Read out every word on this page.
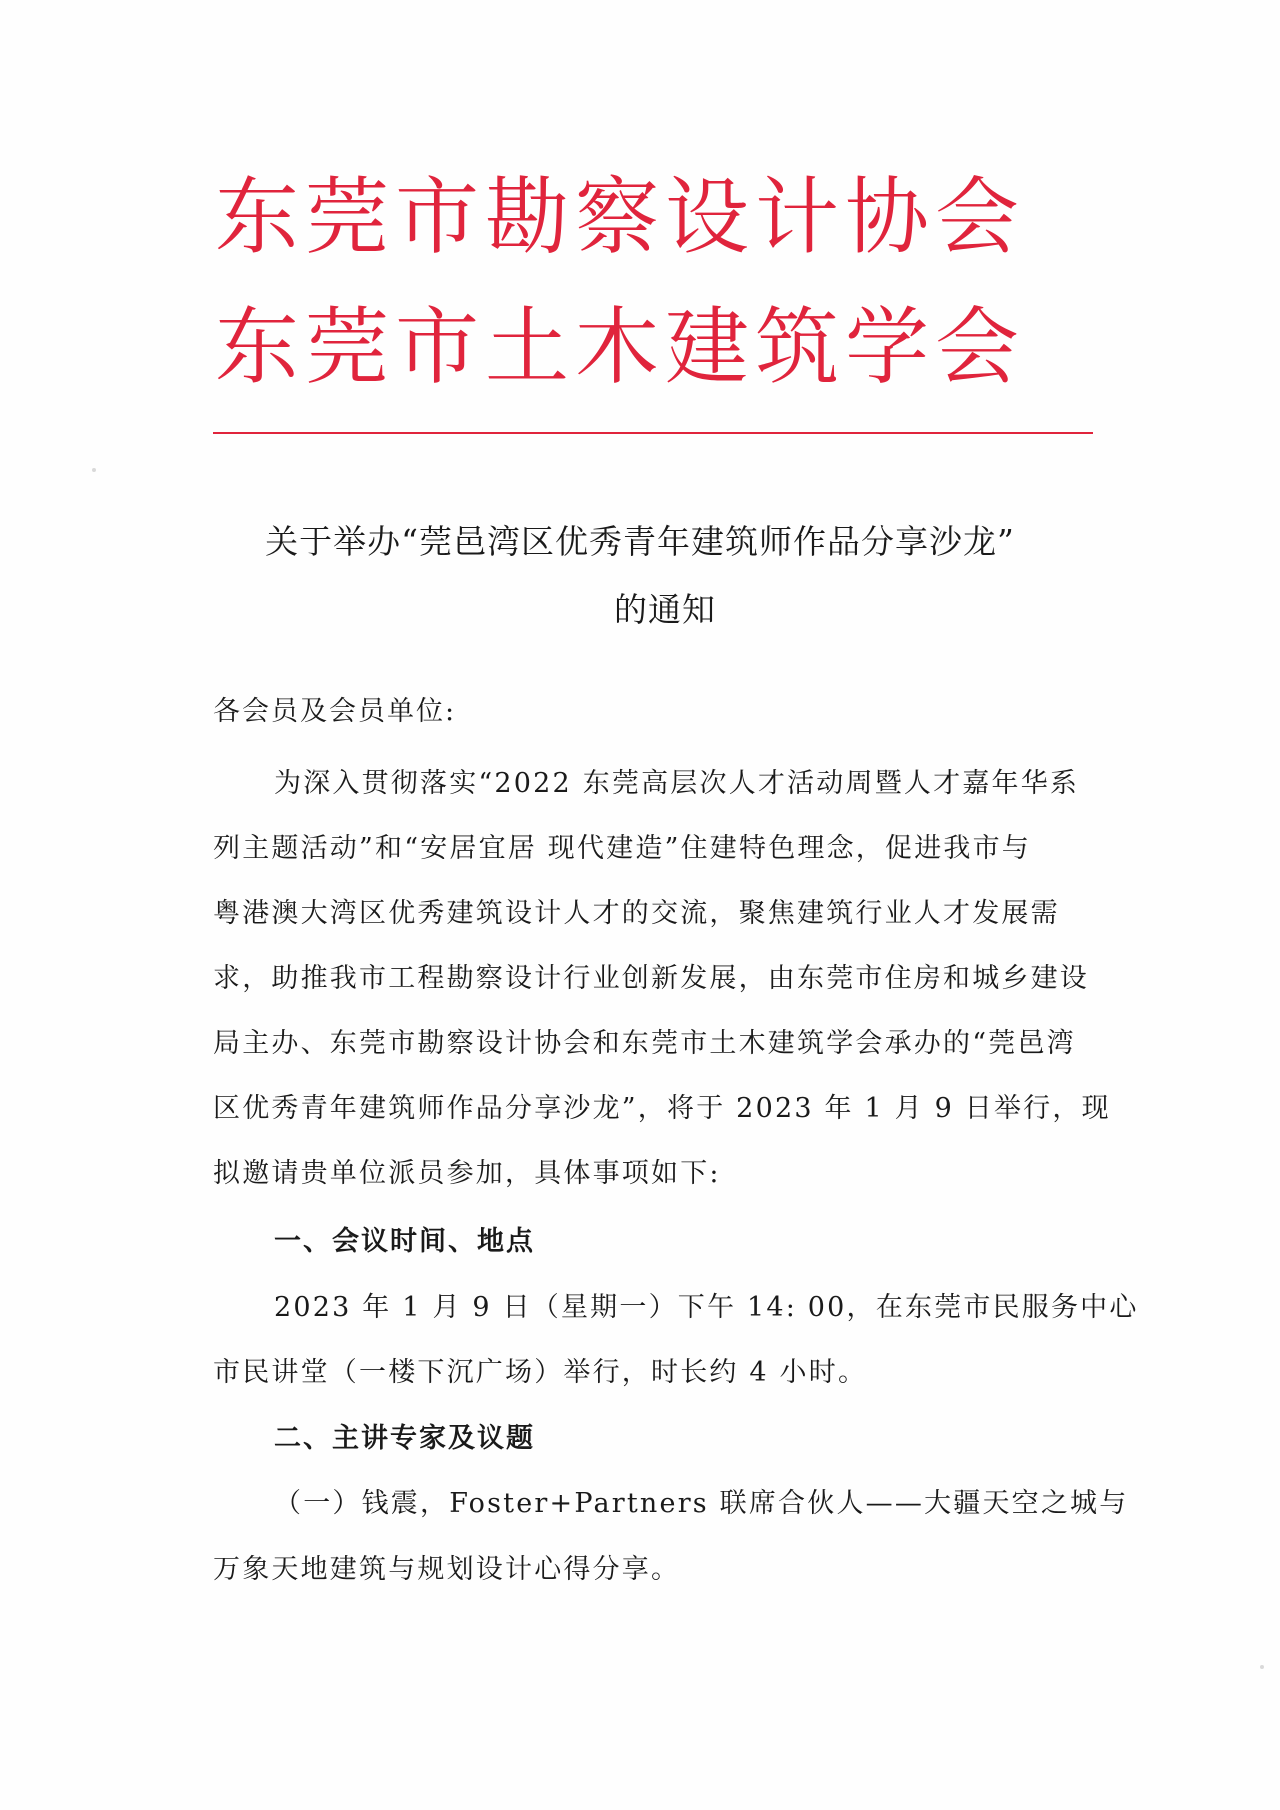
东莞市勘察设计协会
东莞市土木建筑学会
关于举办“莞邑湾区优秀青年建筑师作品分享沙龙”
的通知
各会员及会员单位:
为深入贯彻落实“2022 东莞高层次人才活动周暨人才嘉年华系
列主题活动”和“安居宜居 现代建造”住建特色理念，促进我市与
粤港澳大湾区优秀建筑设计人才的交流，聚焦建筑行业人才发展需
求，助推我市工程勘察设计行业创新发展，由东莞市住房和城乡建设
局主办、东莞市勘察设计协会和东莞市土木建筑学会承办的“莞邑湾
区优秀青年建筑师作品分享沙龙”，将于 2023 年 1 月 9 日举行，现
拟邀请贵单位派员参加，具体事项如下:
一、会议时间、地点
2023 年 1 月 9 日（星期一）下午 14: 00，在东莞市民服务中心
市民讲堂（一楼下沉广场）举行，时长约 4 小时。
二、主讲专家及议题
（一）钱震，Foster+Partners 联席合伙人——大疆天空之城与
万象天地建筑与规划设计心得分享。
